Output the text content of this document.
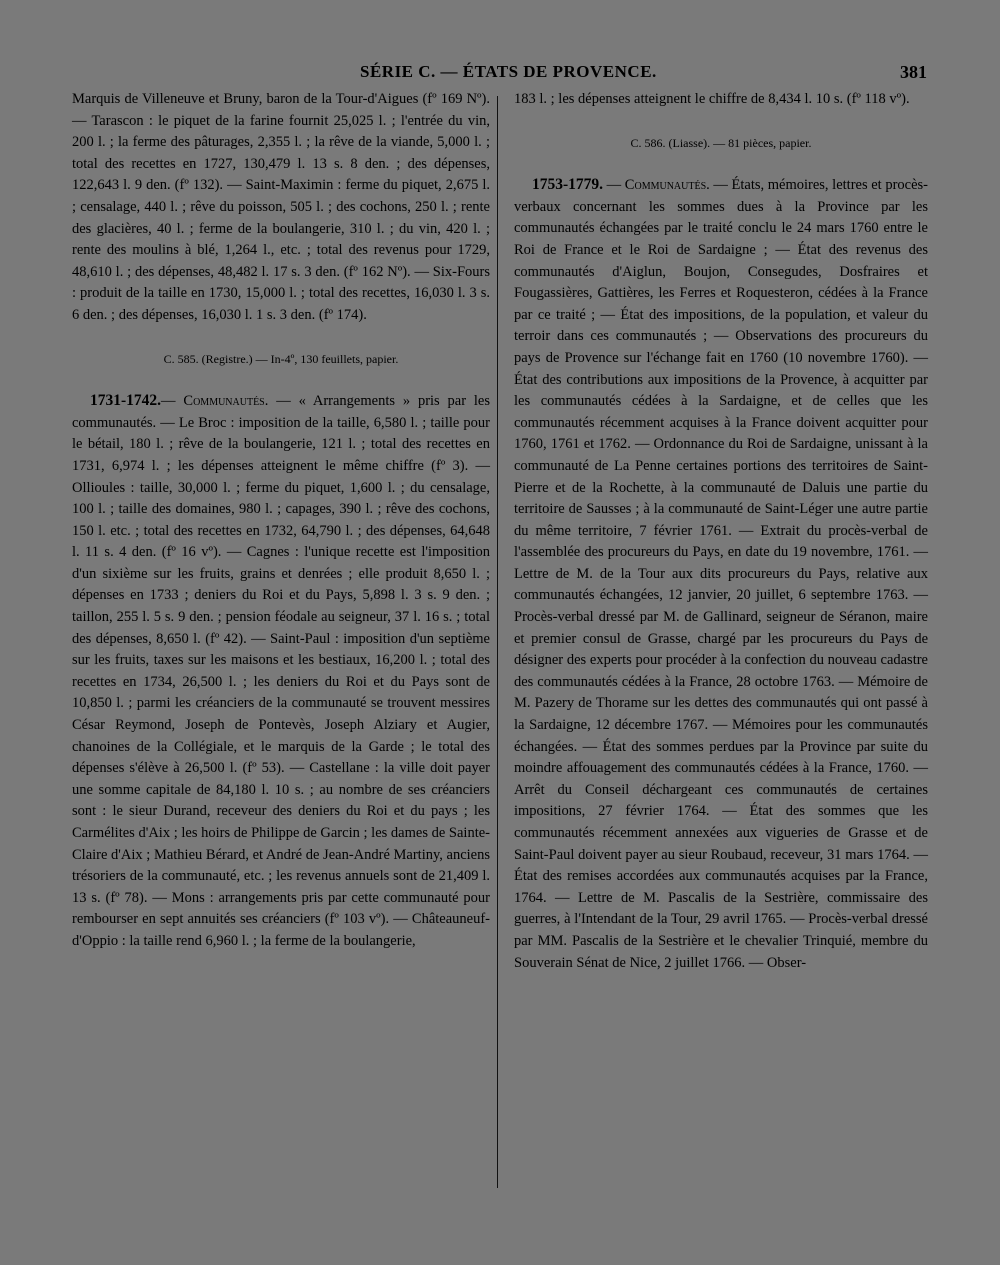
SÉRIE C. — ÉTATS DE PROVENCE.	381

Marquis de Villeneuve et Bruny, baron de la Tour-d'Aigues (fº 169 Nº). — Tarascon : le piquet de la farine fournit 25,025 l. ; l'entrée du vin, 200 l. ; la ferme des pâturages, 2,355 l. ; la rêve de la viande, 5,000 l. ; total des recettes en 1727, 130,479 l. 13 s. 8 den. ; des dépenses, 122,643 l. 9 den. (fº 132). — Saint-Maximin : ferme du piquet, 2,675 l. ; censalage, 440 l. ; rêve du poisson, 505 l. ; des cochons, 250 l. ; rente des glacières, 40 l. ; ferme de la boulangerie, 310 l. ; du vin, 420 l. ; rente des moulins à blé, 1,264 l., etc. ; total des revenus pour 1729, 48,610 l. ; des dépenses, 48,482 l. 17 s. 3 den. (fº 162 Nº). — Six-Fours : produit de la taille en 1730, 15,000 l. ; total des recettes, 16,030 l. 3 s. 6 den. ; des dépenses, 16,030 l. 1 s. 3 den. (fº 174).

C. 585. (Registre.) — In-4º, 130 feuillets, papier.

1731-1742.— Communautés. — « Arrangements » pris par les communautés. — Le Broc : imposition de la taille, 6,580 l. ; taille pour le bétail, 180 l. ; rêve de la boulangerie, 121 l. ; total des recettes en 1731, 6,974 l. ; les dépenses atteignent le même chiffre (fº 3). — Ollioules : taille, 30,000 l. ; ferme du piquet, 1,600 l. ; du censalage, 100 l. ; taille des domaines, 980 l. ; capages, 390 l. ; rêve des cochons, 150 l. etc. ; total des recettes en 1732, 64,790 l. ; des dépenses, 64,648 l. 11 s. 4 den. (fº 16 vº). — Cagnes : l'unique recette est l'imposition d'un sixième sur les fruits, grains et denrées ; elle produit 8,650 l. ; dépenses en 1733 ; deniers du Roi et du Pays, 5,898 l. 3 s. 9 den. ; taillon, 255 l. 5 s. 9 den. ; pension féodale au seigneur, 37 l. 16 s. ; total des dépenses, 8,650 l. (fº 42). — Saint-Paul : imposition d'un septième sur les fruits, taxes sur les maisons et les bestiaux, 16,200 l. ; total des recettes en 1734, 26,500 l. ; les deniers du Roi et du Pays sont de 10,850 l. ; parmi les créanciers de la communauté se trouvent messires César Reymond, Joseph de Pontevès, Joseph Alziary et Augier, chanoines de la Collégiale, et le marquis de la Garde ; le total des dépenses s'élève à 26,500 l. (fº 53). — Castellane : la ville doit payer une somme capitale de 84,180 l. 10 s. ; au nombre de ses créanciers sont : le sieur Durand, receveur des deniers du Roi et du pays ; les Carmélites d'Aix ; les hoirs de Philippe de Garcin ; les dames de Sainte-Claire d'Aix ; Mathieu Bérard, et André de Jean-André Martiny, anciens trésoriers de la communauté, etc. ; les revenus annuels sont de 21,409 l. 13 s. (fº 78). — Mons : arrangements pris par cette communauté pour rembourser en sept annuités ses créanciers (fº 103 vº). — Châteauneuf-d'Oppio : la taille rend 6,960 l. ; la ferme de la boulangerie,

183 l. ; les dépenses atteignent le chiffre de 8,434 l. 10 s. (fº 118 vº).

C. 586. (Liasse). — 81 pièces, papier.

1753-1779. — Communautés. — États, mémoires, lettres et procès-verbaux concernant les sommes dues à la Province par les communautés échangées par le traité conclu le 24 mars 1760 entre le Roi de France et le Roi de Sardaigne ; — État des revenus des communautés d'Aiglun, Boujon, Consegudes, Dosfraires et Fougassières, Gattières, les Ferres et Roquesteron, cédées à la France par ce traité ; — État des impositions, de la population, et valeur du terroir dans ces communautés ; — Observations des procureurs du pays de Provence sur l'échange fait en 1760 (10 novembre 1760). — État des contributions aux impositions de la Provence, à acquitter par les communautés cédées à la Sardaigne, et de celles que les communautés récemment acquises à la France doivent acquitter pour 1760, 1761 et 1762. — Ordonnance du Roi de Sardaigne, unissant à la communauté de La Penne certaines portions des territoires de Saint-Pierre et de la Rochette, à la communauté de Daluis une partie du territoire de Sausses ; à la communauté de Saint-Léger une autre partie du même territoire, 7 février 1761. — Extrait du procès-verbal de l'assemblée des procureurs du Pays, en date du 19 novembre, 1761. — Lettre de M. de la Tour aux dits procureurs du Pays, relative aux communautés échangées, 12 janvier, 20 juillet, 6 septembre 1763. — Procès-verbal dressé par M. de Gallinard, seigneur de Séranon, maire et premier consul de Grasse, chargé par les procureurs du Pays de désigner des experts pour procéder à la confection du nouveau cadastre des communautés cédées à la France, 28 octobre 1763. — Mémoire de M. Pazery de Thorame sur les dettes des communautés qui ont passé à la Sardaigne, 12 décembre 1767. — Mémoires pour les communautés échangées. — État des sommes perdues par la Province par suite du moindre affouagement des communautés cédées à la France, 1760. — Arrêt du Conseil déchargeant ces communautés de certaines impositions, 27 février 1764. — État des sommes que les communautés récemment annexées aux vigueries de Grasse et de Saint-Paul doivent payer au sieur Roubaud, receveur, 31 mars 1764. — État des remises accordées aux communautés acquises par la France, 1764. — Lettre de M. Pascalis de la Sestrière, commissaire des guerres, à l'Intendant de la Tour, 29 avril 1765. — Procès-verbal dressé par MM. Pascalis de la Sestrière et le chevalier Trinquié, membre du Souverain Sénat de Nice, 2 juillet 1766. — Obser-
